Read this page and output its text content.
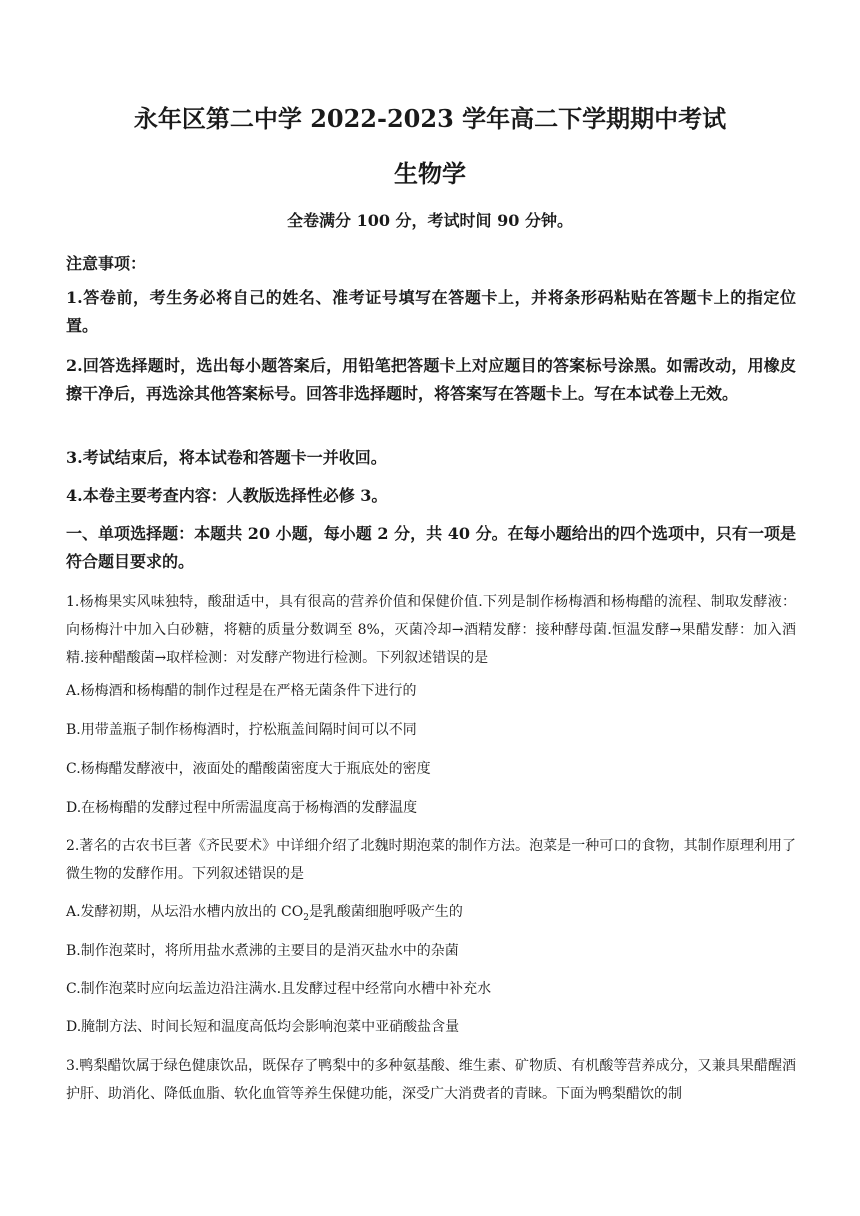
永年区第二中学 2022-2023 学年高二下学期期中考试
生物学
全卷满分 100 分，考试时间 90 分钟。
注意事项：
1.答卷前，考生务必将自己的姓名、准考证号填写在答题卡上，并将条形码粘贴在答题卡上的指定位置。
2.回答选择题时，选出每小题答案后，用铅笔把答题卡上对应题目的答案标号涂黑。如需改动，用橡皮擦干净后，再选涂其他答案标号。回答非选择题时，将答案写在答题卡上。写在本试卷上无效。
3.考试结束后，将本试卷和答题卡一并收回。
4.本卷主要考查内容：人教版选择性必修 3。
一、单项选择题：本题共 20 小题，每小题 2 分，共 40 分。在每小题给出的四个选项中，只有一项是符合题目要求的。
1.杨梅果实风味独特，酸甜适中，具有很高的营养价值和保健价值.下列是制作杨梅酒和杨梅醋的流程、制取发酵液：向杨梅汁中加入白砂糖，将糖的质量分数调至 8%，灭菌冷却→酒精发酵：接种酵母菌.恒温发酵→果醋发酵：加入酒精.接种醋酸菌→取样检测：对发酵产物进行检测。下列叙述错误的是
A.杨梅酒和杨梅醋的制作过程是在严格无菌条件下进行的
B.用带盖瓶子制作杨梅酒时，拧松瓶盖间隔时间可以不同
C.杨梅醋发酵液中，液面处的醋酸菌密度大于瓶底处的密度
D.在杨梅醋的发酵过程中所需温度高于杨梅酒的发酵温度
2.著名的古农书巨著《齐民要术》中详细介绍了北魏时期泡菜的制作方法。泡菜是一种可口的食物，其制作原理利用了微生物的发酵作用。下列叙述错误的是
A.发酵初期，从坛沿水槽内放出的 $CO_2$是乳酸菌细胞呼吸产生的
B.制作泡菜时，将所用盐水煮沸的主要目的是消灭盐水中的杂菌
C.制作泡菜时应向坛盖边沿注满水.且发酵过程中经常向水槽中补充水
D.腌制方法、时间长短和温度高低均会影响泡菜中亚硝酸盐含量
3.鸭梨醋饮属于绿色健康饮品，既保存了鸭梨中的多种氨基酸、维生素、矿物质、有机酸等营养成分，又兼具果醋醒酒护肝、助消化、降低血脂、软化血管等养生保健功能，深受广大消费者的青睐。下面为鸭梨醋饮的制
